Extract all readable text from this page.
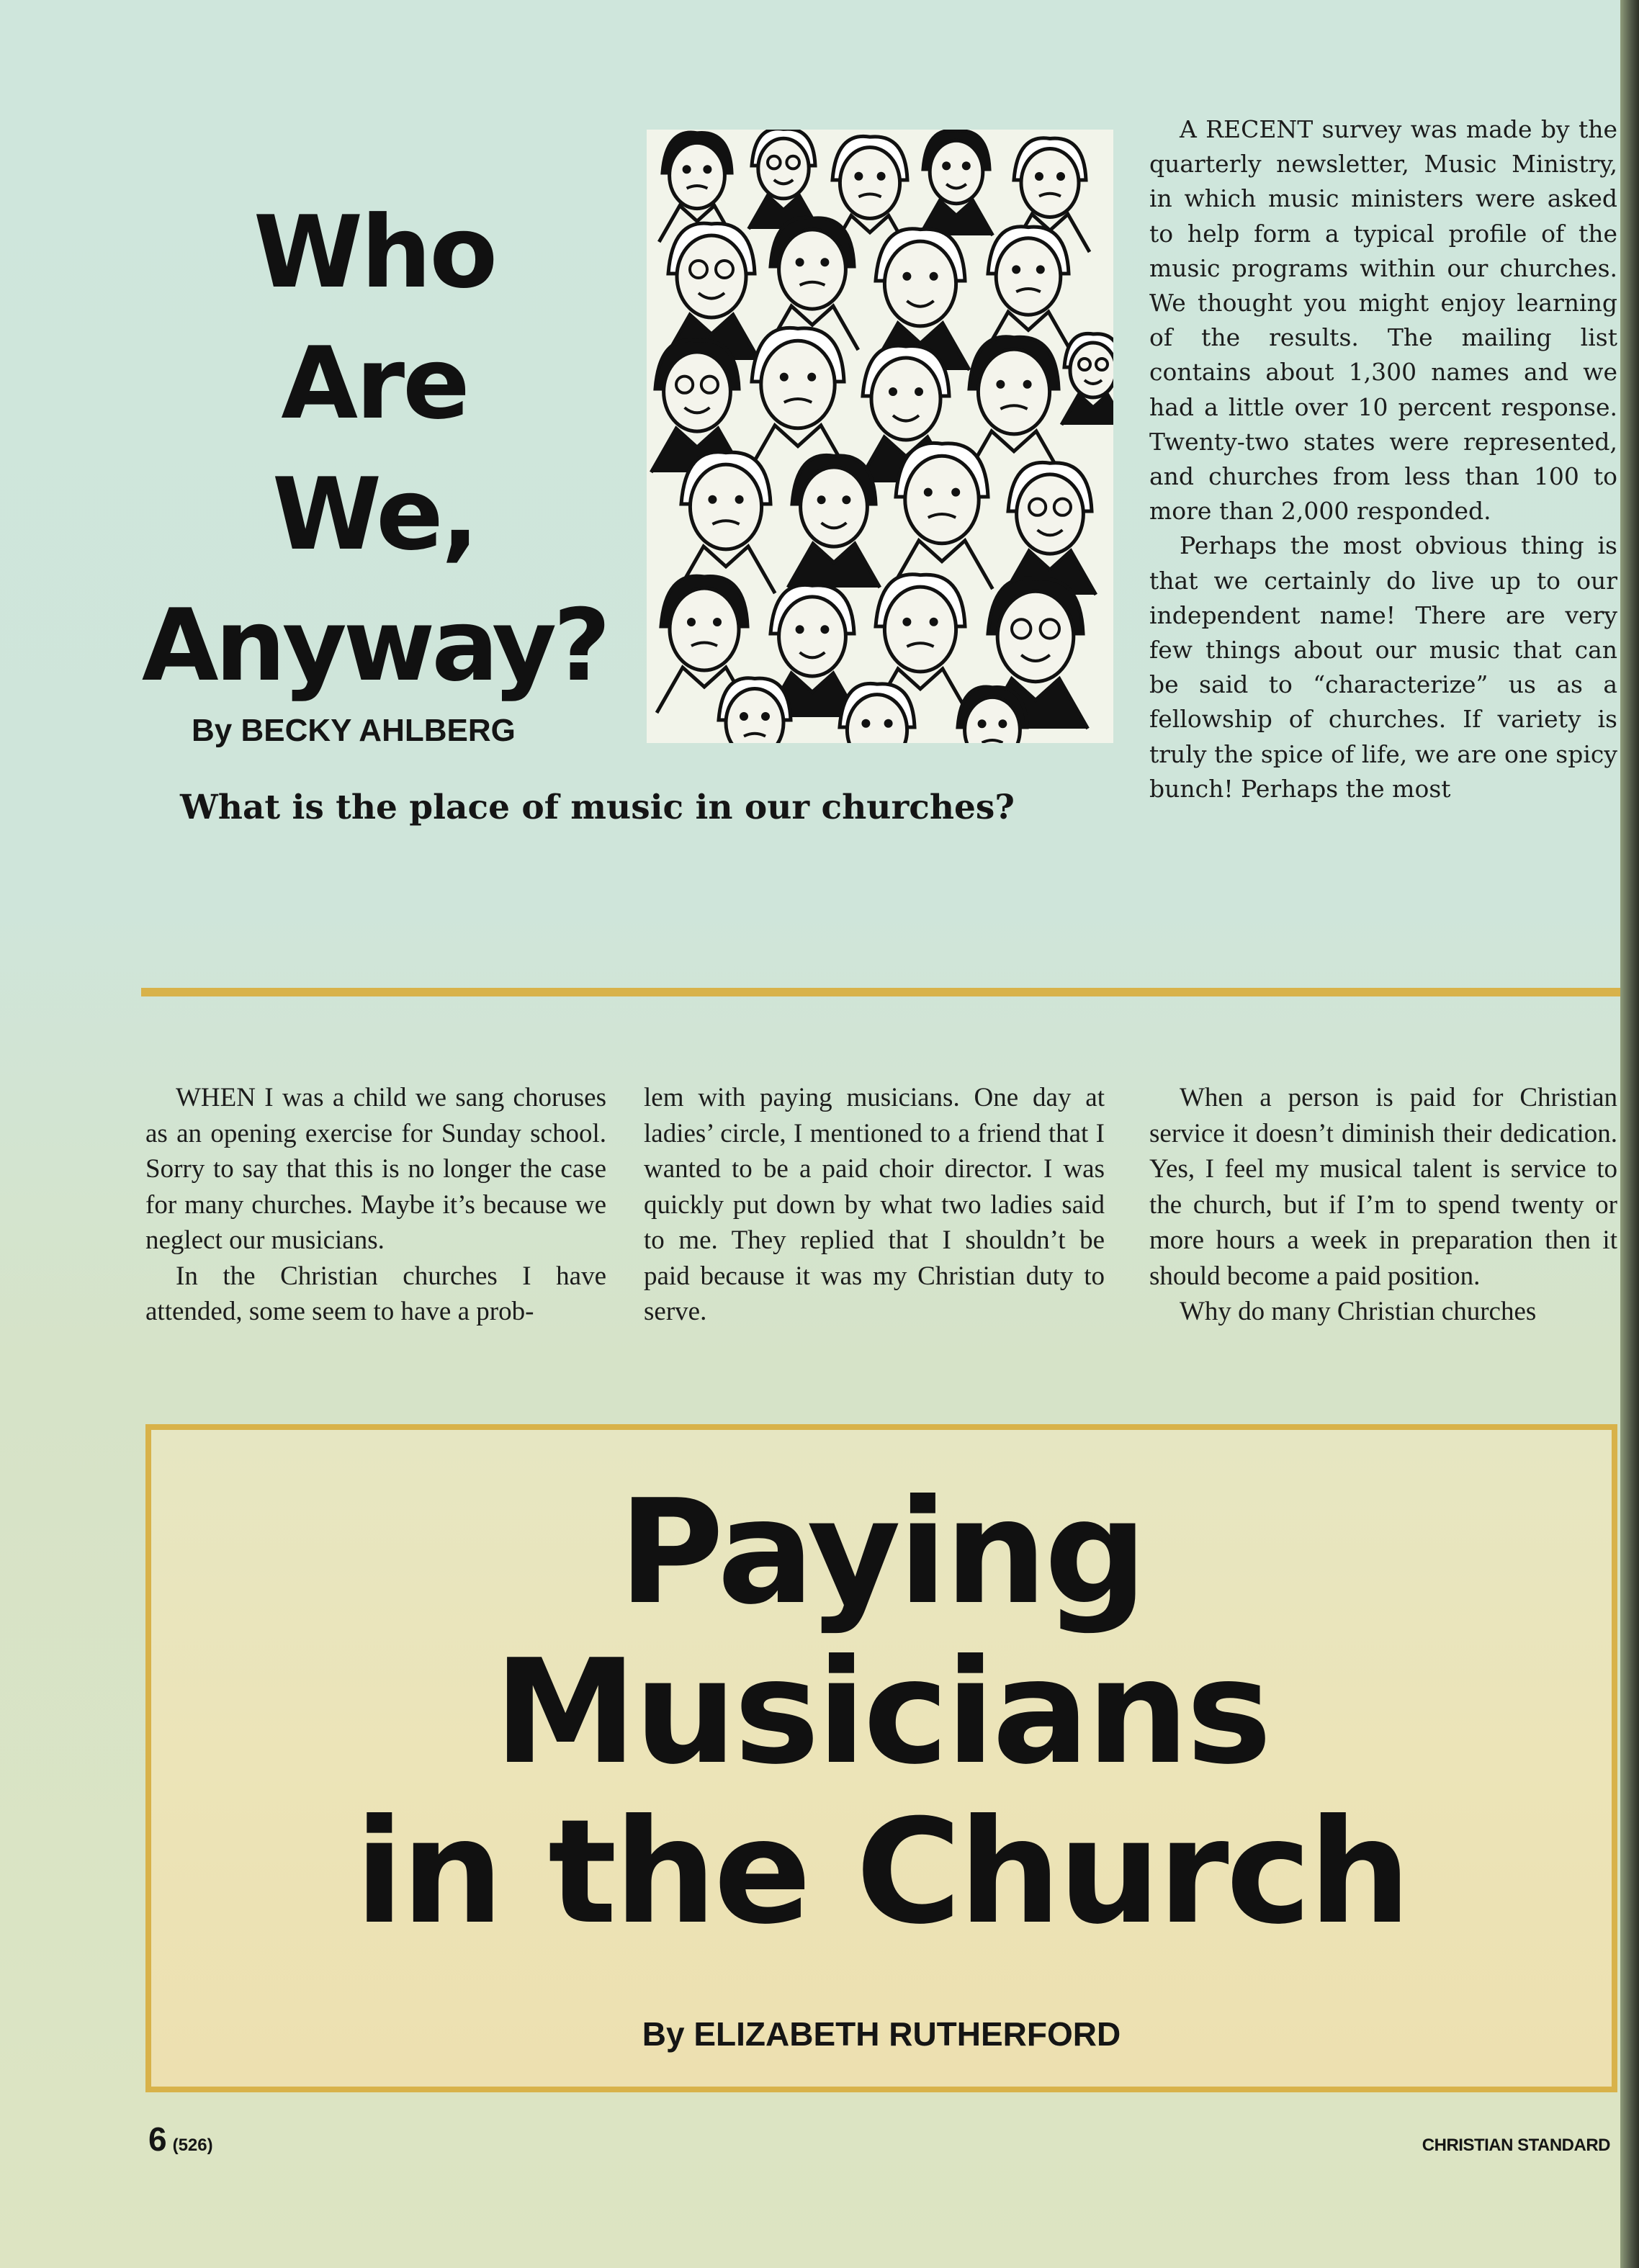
Who
Are
We,
Anyway?
By BECKY AHLBERG
What is the place of music in our churches?

A RECENT survey was made by the quarterly newsletter, Music Ministry, in which music ministers were asked to help form a typical profile of the music programs within our churches. We thought you might enjoy learning of the results. The mailing list contains about 1,300 names and we had a little over 10 percent response. Twenty-two states were represented, and churches from less than 100 to more than 2,000 responded.

Perhaps the most obvious thing is that we certainly do live up to our independent name! There are very few things about our music that can be said to “characterize” us as a fellowship of churches. If variety is truly the spice of life, we are one spicy bunch! Perhaps the most

WHEN I was a child we sang choruses as an opening exercise for Sunday school. Sorry to say that this is no longer the case for many churches. Maybe it’s because we neglect our musicians.

In the Christian churches I have attended, some seem to have a prob-

lem with paying musicians. One day at ladies’ circle, I mentioned to a friend that I wanted to be a paid choir director. I was quickly put down by what two ladies said to me. They replied that I shouldn’t be paid because it was my Christian duty to serve.

When a person is paid for Christian service it doesn’t diminish their dedication. Yes, I feel my musical talent is service to the church, but if I’m to spend twenty or more hours a week in preparation then it should become a paid position.

Why do many Christian churches

Paying
Musicians
in the Church
By ELIZABETH RUTHERFORD
6 (526)	CHRISTIAN STANDARD
